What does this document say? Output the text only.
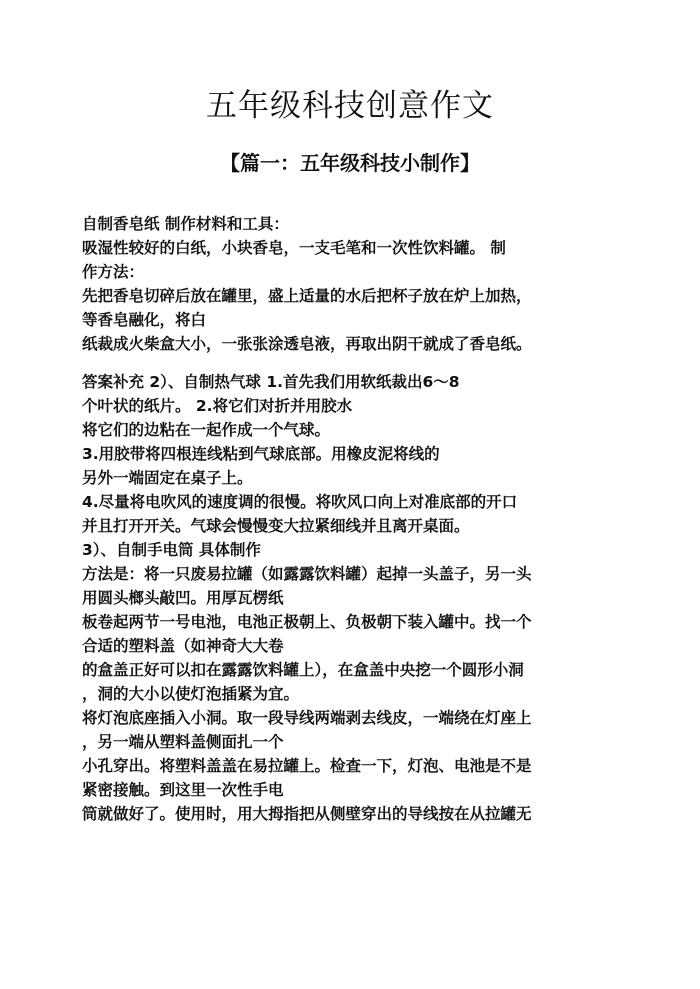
五年级科技创意作文
【篇一：五年级科技小制作】
自制香皂纸 制作材料和工具：
吸湿性较好的白纸，小块香皂，一支毛笔和一次性饮料罐。 制
作方法：
先把香皂切碎后放在罐里，盛上适量的水后把杯子放在炉上加热，
等香皂融化，将白
纸裁成火柴盒大小，一张张涂透皂液，再取出阴干就成了香皂纸。
答案补充 2）、自制热气球 1.首先我们用软纸裁出6～8
个叶状的纸片。 2.将它们对折并用胶水
将它们的边粘在一起作成一个气球。
3.用胶带将四根连线粘到气球底部。用橡皮泥将线的
另外一端固定在桌子上。
4.尽量将电吹风的速度调的很慢。将吹风口向上对准底部的开口
并且打开开关。气球会慢慢变大拉紧细线并且离开桌面。
3）、自制手电筒 具体制作
方法是：将一只废易拉罐（如露露饮料罐）起掉一头盖子，另一头
用圆头榔头敲凹。用厚瓦楞纸
板卷起两节一号电池，电池正极朝上、负极朝下装入罐中。找一个
合适的塑料盖（如神奇大大卷
的盒盖正好可以扣在露露饮料罐上），在盒盖中央挖一个圆形小洞
，洞的大小以使灯泡插紧为宜。
将灯泡底座插入小洞。取一段导线两端剥去线皮，一端绕在灯座上
，另一端从塑料盖侧面扎一个
小孔穿出。将塑料盖盖在易拉罐上。检查一下，灯泡、电池是不是
紧密接触。到这里一次性手电
筒就做好了。使用时，用大拇指把从侧壁穿出的导线按在从拉罐无
